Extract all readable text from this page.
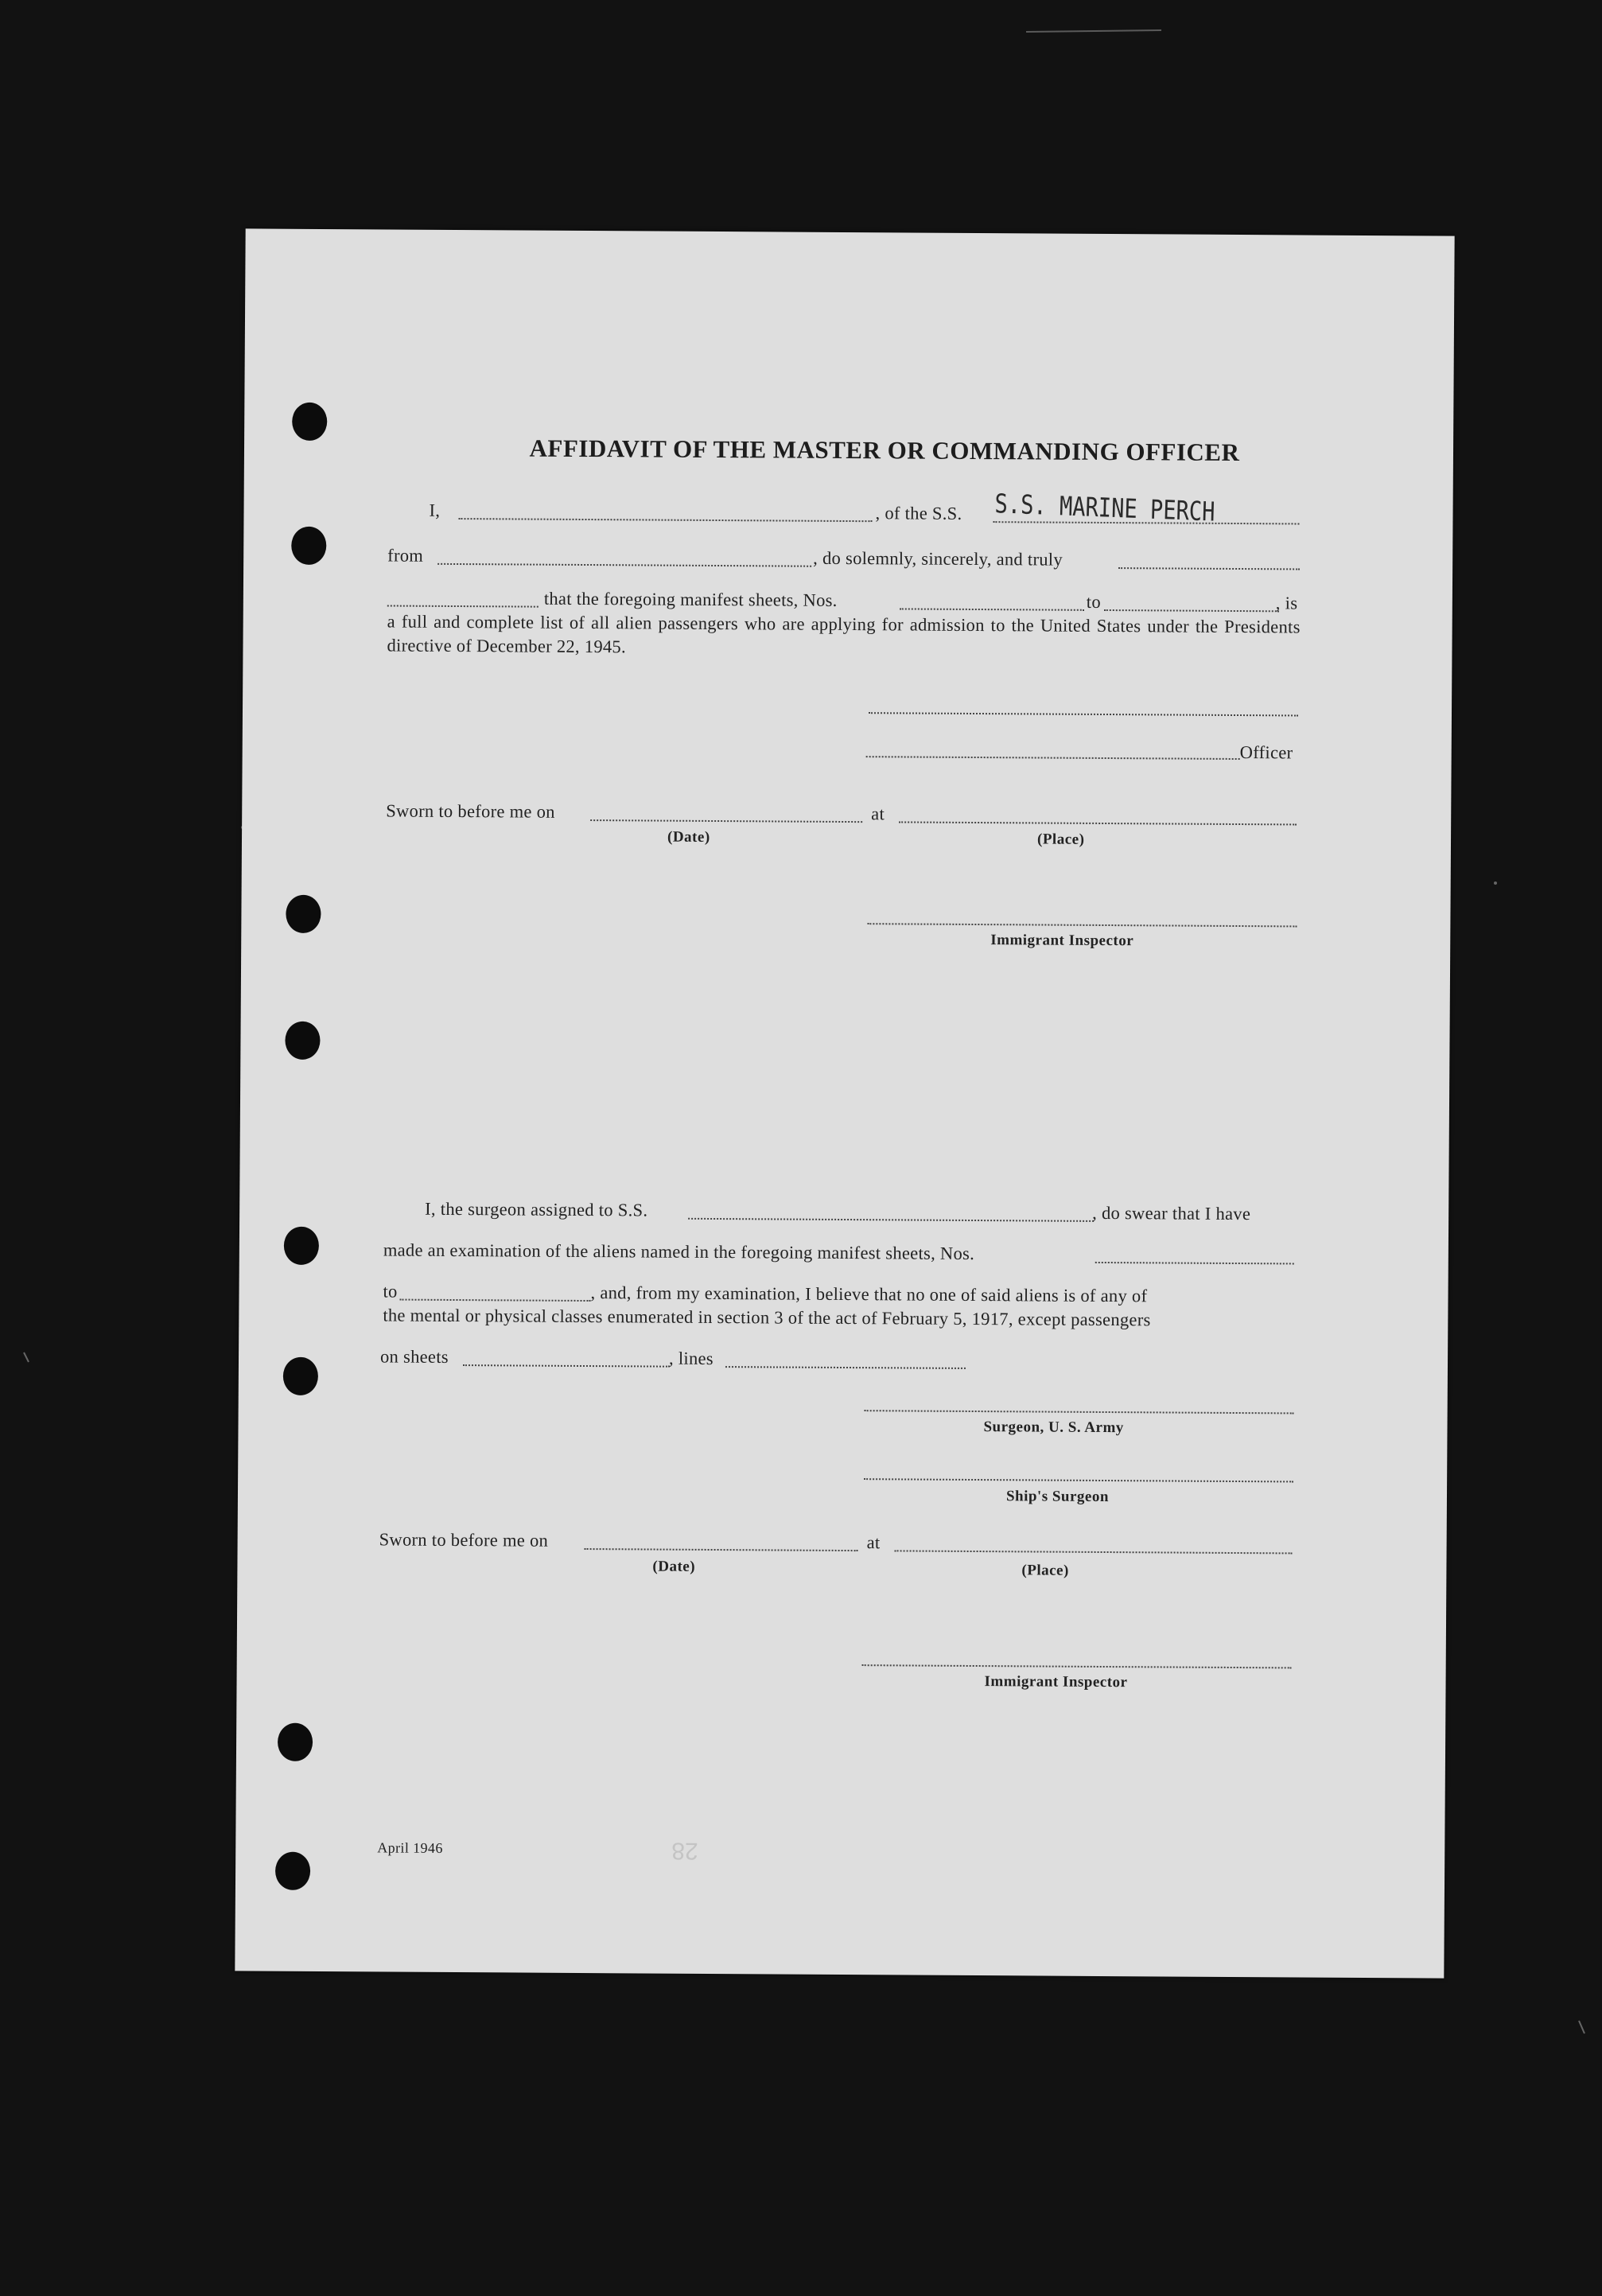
AFFIDAVIT OF THE MASTER OR COMMANDING OFFICER
I,	, of the S.S. S.S. MARINE PERCH
from	, do solemnly, sincerely, and truly
that the foregoing manifest sheets, Nos.	to	, is
a full and complete list of all alien passengers who are applying for admission to the United States under the Presidents directive of December 22, 1945.
Officer
Sworn to before me on	at
(Date)	(Place)
Immigrant Inspector
I, the surgeon assigned to S.S.	, do swear that I have
made an examination of the aliens named in the foregoing manifest sheets, Nos.
to	, and, from my examination, I believe that no one of said aliens is of any of
the mental or physical classes enumerated in section 3 of the act of February 5, 1917, except passengers
on sheets	, lines
Surgeon, U. S. Army
Ship's Surgeon
Sworn to before me on	at
(Date)	(Place)
Immigrant Inspector
April 1946	28
